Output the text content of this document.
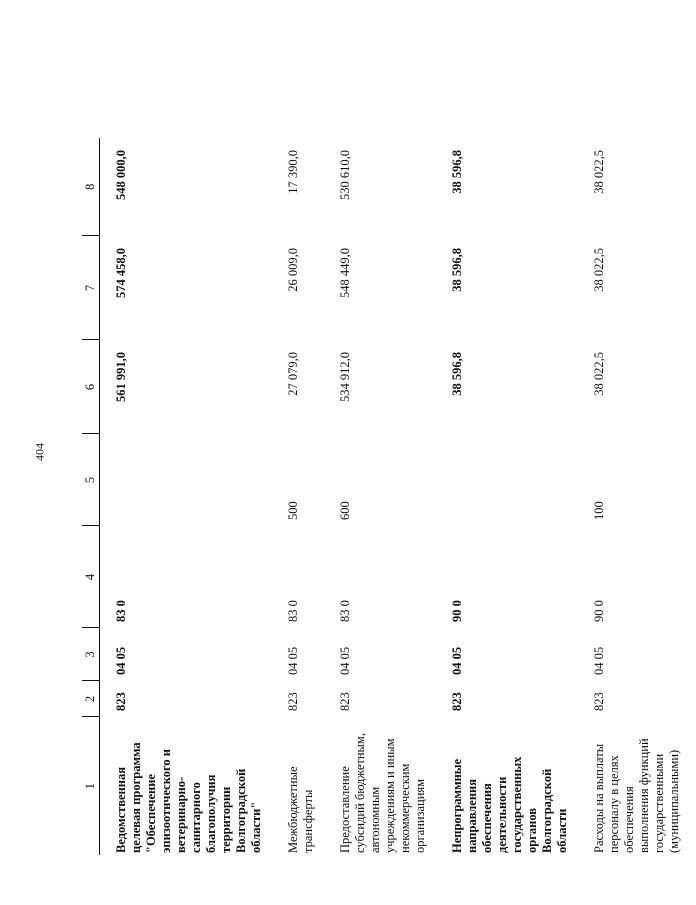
404
1	2	3	4	5	6	7	8
Ведомственная целевая программа "Обеспечение эпизоотического и ветеринарно-санитарного благополучия территории Волгоградской области"	823	04 05	83 0		561 991,0	574 458,0	548 000,0
Межбюджетные трансферты	823	04 05	83 0	500	27 079,0	26 009,0	17 390,0
Предоставление субсидий бюджетным, автономным учреждениям и иным некоммерческим организациям	823	04 05	83 0	600	534 912,0	548 449,0	530 610,0
Непрограммные направления обеспечения деятельности государственных органов Волгоградской области	823	04 05	90 0		38 596,8	38 596,8	38 596,8
Расходы на выплаты персоналу в целях обеспечения выполнения функций государственными (муниципальными)	823	04 05	90 0	100	38 022,5	38 022,5	38 022,5
